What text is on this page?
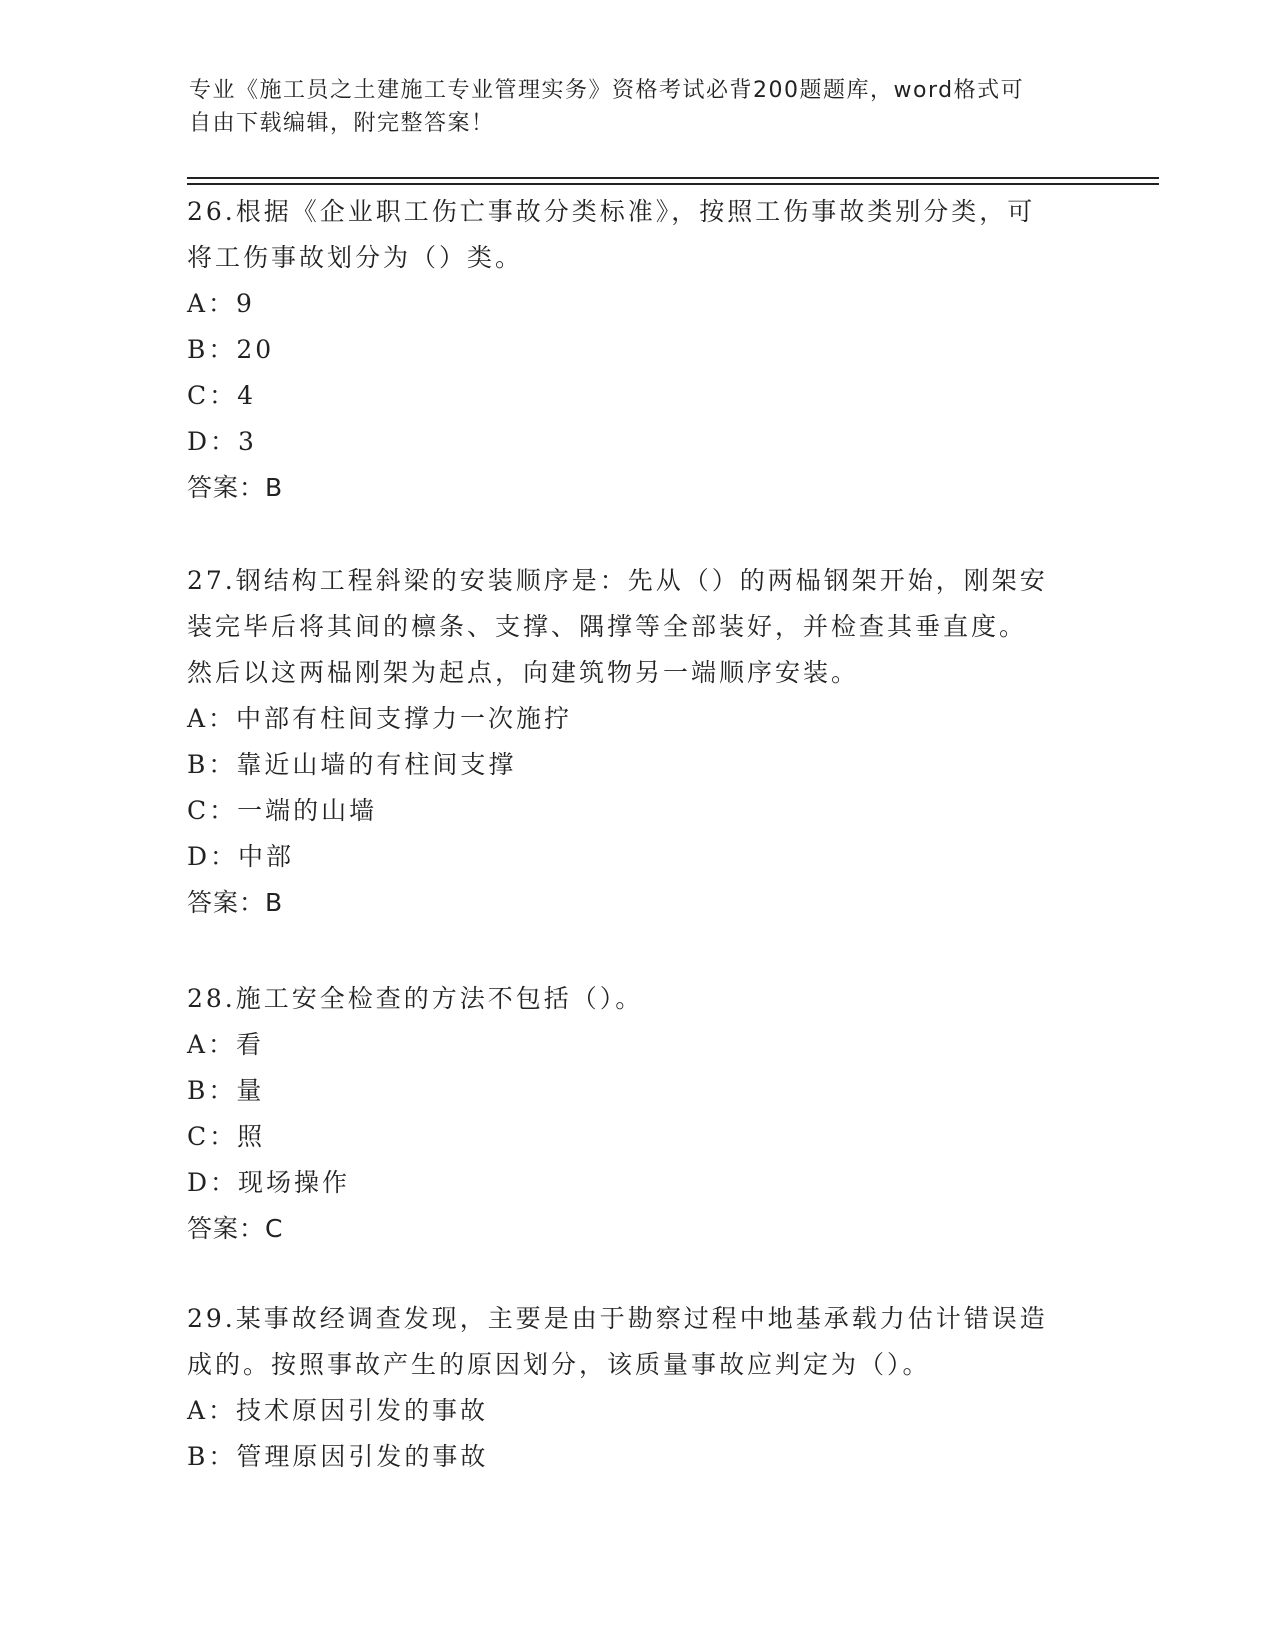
专业《施工员之土建施工专业管理实务》资格考试必背200题题库，word格式可
自由下载编辑，附完整答案！

26.根据《企业职工伤亡事故分类标准》，按照工伤事故类别分类，可

将工伤事故划分为（）类。

A：9

B：20

C：4

D：3

答案：B

27.钢结构工程斜梁的安装顺序是：先从（）的两榀钢架开始，刚架安

装完毕后将其间的檩条、支撑、隅撑等全部装好，并检查其垂直度。

然后以这两榀刚架为起点，向建筑物另一端顺序安装。

A：中部有柱间支撑力一次施拧

B：靠近山墙的有柱间支撑

C：一端的山墙

D：中部

答案：B

28.施工安全检查的方法不包括（）。

A：看

B：量

C：照

D：现场操作

答案：C

29.某事故经调查发现，主要是由于勘察过程中地基承载力估计错误造

成的。按照事故产生的原因划分，该质量事故应判定为（）。

A：技术原因引发的事故

B：管理原因引发的事故
